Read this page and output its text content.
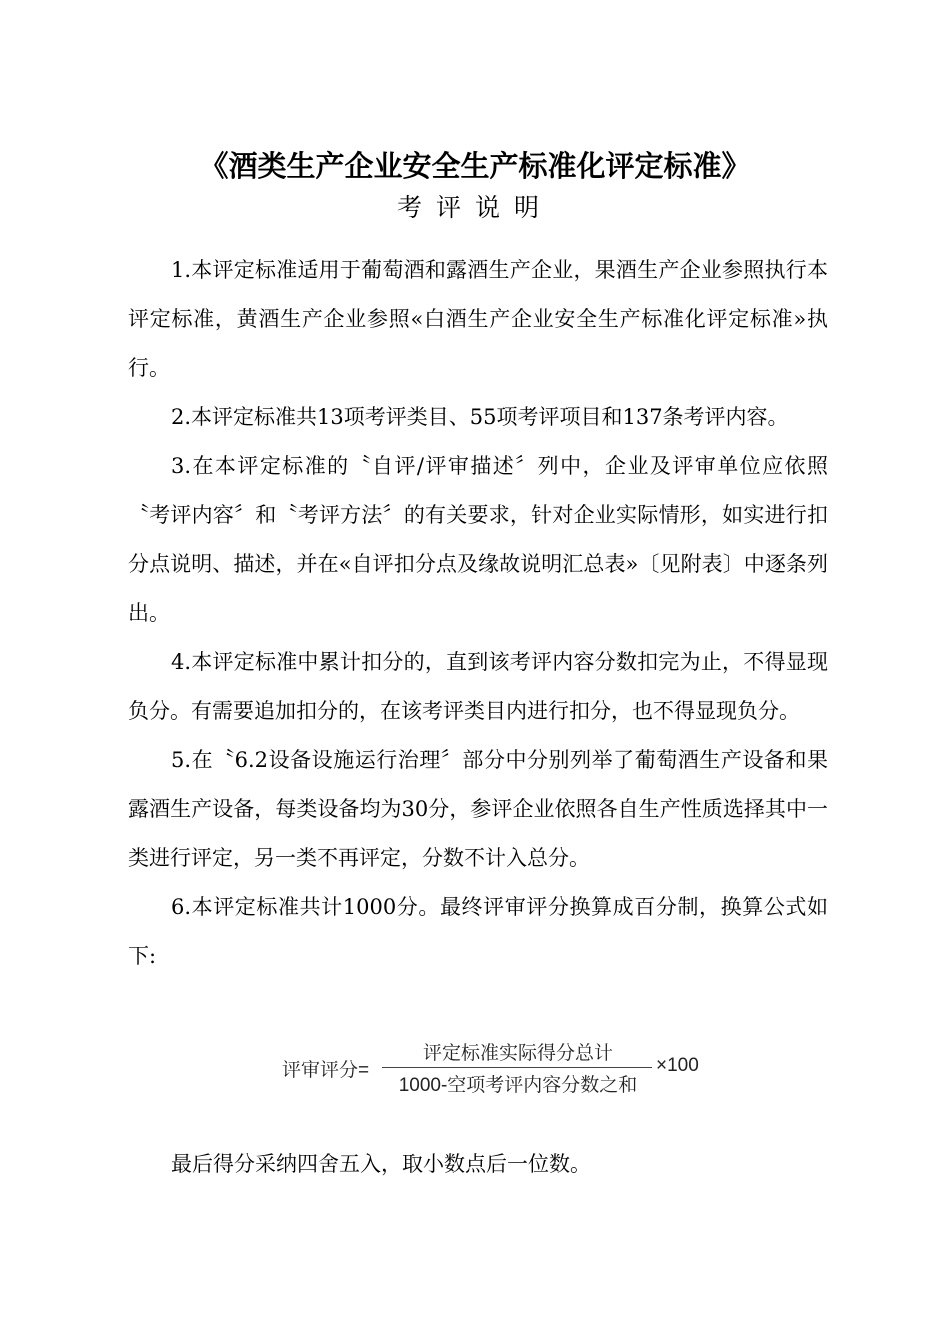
《酒类生产企业安全生产标准化评定标准》
考评说明

1.本评定标准适用于葡萄酒和露酒生产企业，果酒生产企业参照执行本评定标准，黄酒生产企业参照«白酒生产企业安全生产标准化评定标准»执行。

2.本评定标准共13项考评类目、55项考评项目和137条考评内容。

3.在本评定标准的〝自评/评审描述〞列中，企业及评审单位应依照〝考评内容〞和〝考评方法〞的有关要求，针对企业实际情形，如实进行扣分点说明、描述，并在«自评扣分点及缘故说明汇总表»〔见附表〕中逐条列出。

4.本评定标准中累计扣分的，直到该考评内容分数扣完为止，不得显现负分。有需要追加扣分的，在该考评类目内进行扣分，也不得显现负分。

5.在〝6.2设备设施运行治理〞部分中分别列举了葡萄酒生产设备和果露酒生产设备，每类设备均为30分，参评企业依照各自生产性质选择其中一类进行评定，另一类不再评定，分数不计入总分。

6.本评定标准共计1000分。最终评审评分换算成百分制，换算公式如下:

评审评分=
评定标准实际得分总计
1000-空项考评内容分数之和
×100
最后得分采纳四舍五入，取小数点后一位数。
